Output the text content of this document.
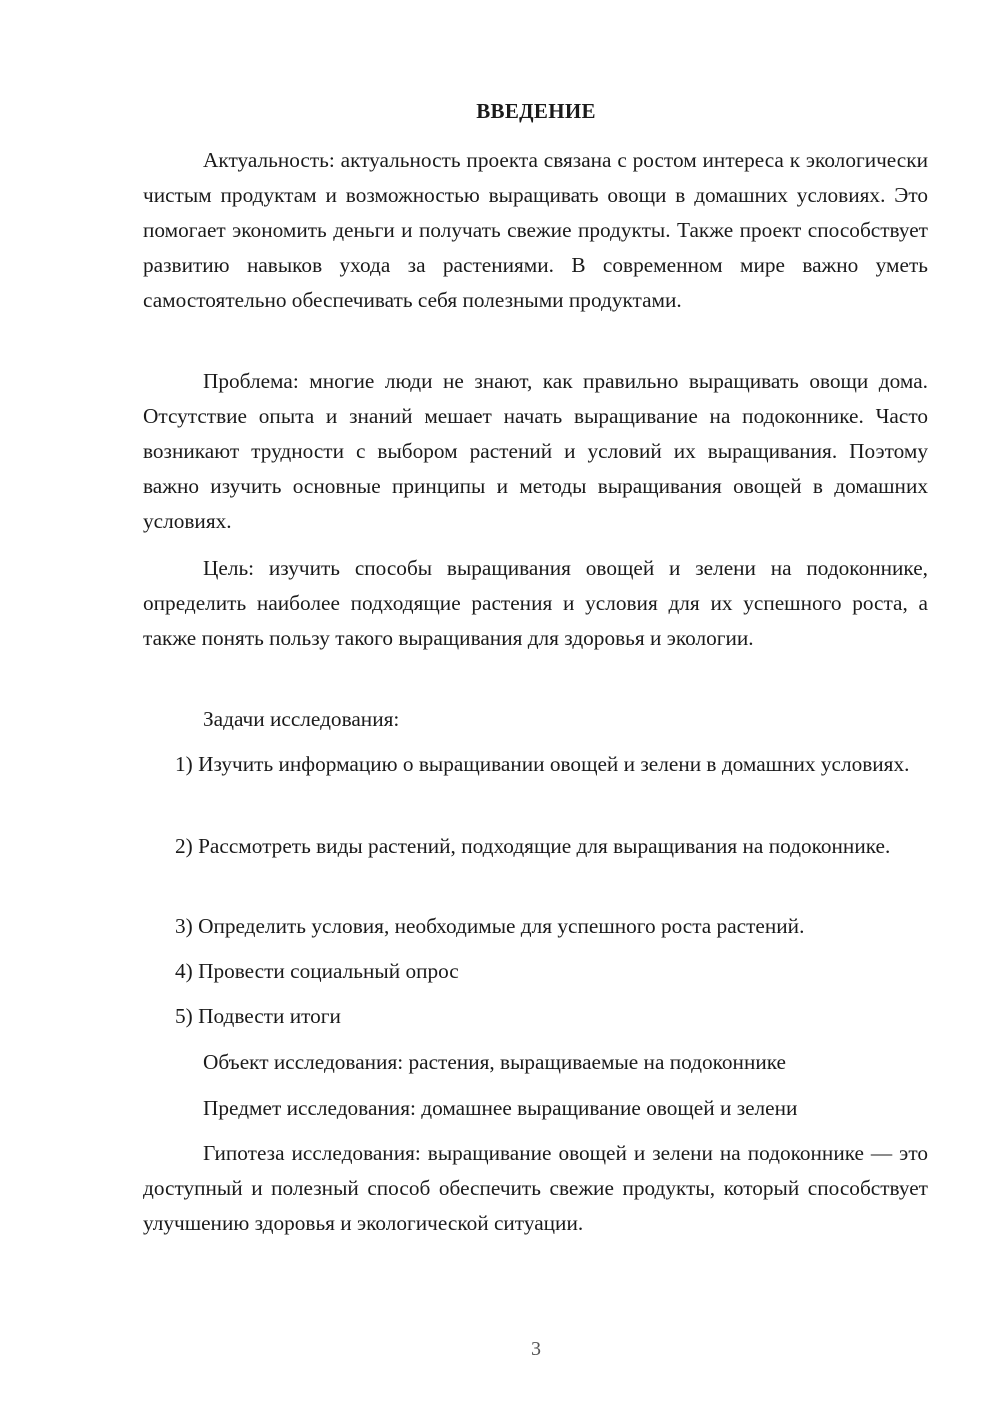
ВВЕДЕНИЕ

Актуальность: актуальность проекта связана с ростом интереса к экологически чистым продуктам и возможностью выращивать овощи в домашних условиях. Это помогает экономить деньги и получать свежие продукты. Также проект способствует развитию навыков ухода за растениями. В современном мире важно уметь самостоятельно обеспечивать себя полезными продуктами.

Проблема: многие люди не знают, как правильно выращивать овощи дома. Отсутствие опыта и знаний мешает начать выращивание на подоконнике. Часто возникают трудности с выбором растений и условий их выращивания. Поэтому важно изучить основные принципы и методы выращивания овощей в домашних условиях.

Цель: изучить способы выращивания овощей и зелени на подоконнике, определить наиболее подходящие растения и условия для их успешного роста, а также понять пользу такого выращивания для здоровья и экологии.

Задачи исследования:

1) Изучить информацию о выращивании овощей и зелени в домашних условиях.

2) Рассмотреть виды растений, подходящие для выращивания на подоконнике.

3) Определить условия, необходимые для успешного роста растений.

4) Провести социальный опрос

5) Подвести итоги

Объект исследования: растения, выращиваемые на подоконнике

Предмет исследования: домашнее выращивание овощей и зелени

Гипотеза исследования: выращивание овощей и зелени на подоконнике — это доступный и полезный способ обеспечить свежие продукты, который способствует улучшению здоровья и экологической ситуации.

3
